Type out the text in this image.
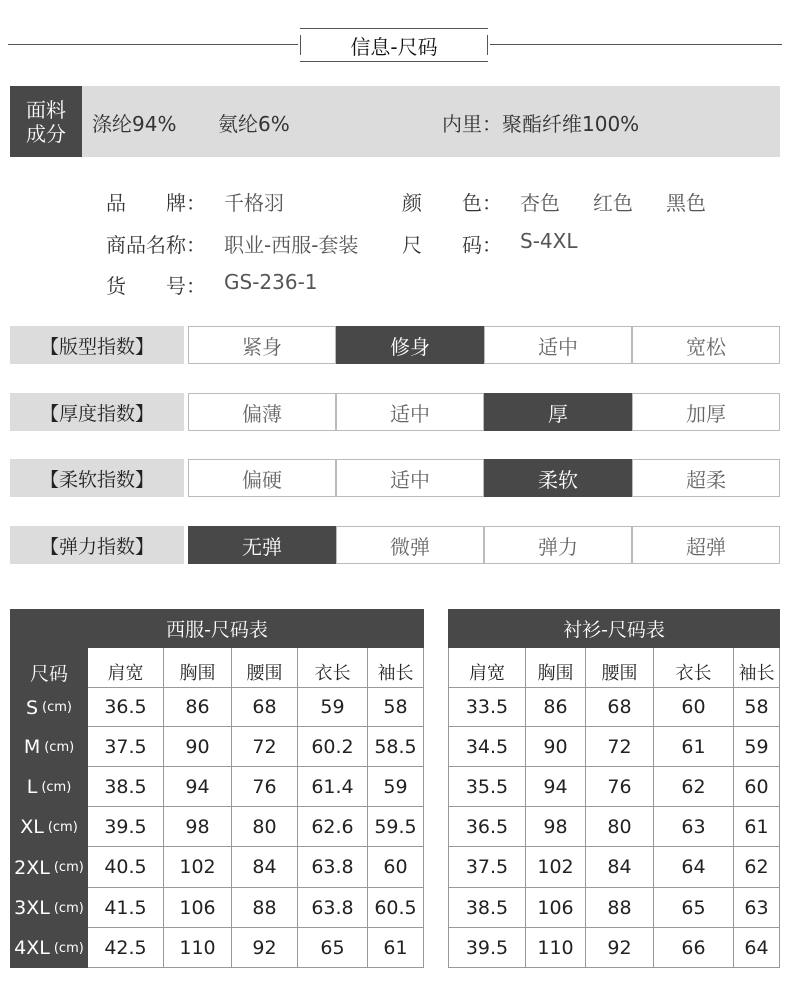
信息-尺码
面料
成分 涤纶94% 氨纶6%	内里：聚酯纤维100%
品　　牌： 千格羽	颜　　色： 杏色 红色 黑色
商品名称： 职业-西服-套装 尺　　码： S-4XL
货　　号： GS-236-1
【版型指数】	紧身	修身	适中	宽松
【厚度指数】	偏薄	适中	厚	加厚
【柔软指数】	偏硬	适中	柔软	超柔
【弹力指数】	无弹	微弹	弹力	超弹
西服-尺码表	衬衫-尺码表
尺码	肩宽	胸围	腰围	衣长	袖长
S (cm)	36.5	86	68	59	58
M (cm)	37.5	90	72	60.2	58.5
L (cm)	38.5	94	76	61.4	59
XL (cm)	39.5	98	80	62.6	59.5
2XL (cm)	40.5	102	84	63.8	60
3XL (cm)	41.5	106	88	63.8	60.5
4XL (cm)	42.5	110	92	65	61
肩宽	胸围	腰围	衣长	袖长
33.5	86	68	60	58
34.5	90	72	61	59
35.5	94	76	62	60
36.5	98	80	63	61
37.5	102	84	64	62
38.5	106	88	65	63
39.5	110	92	66	64
